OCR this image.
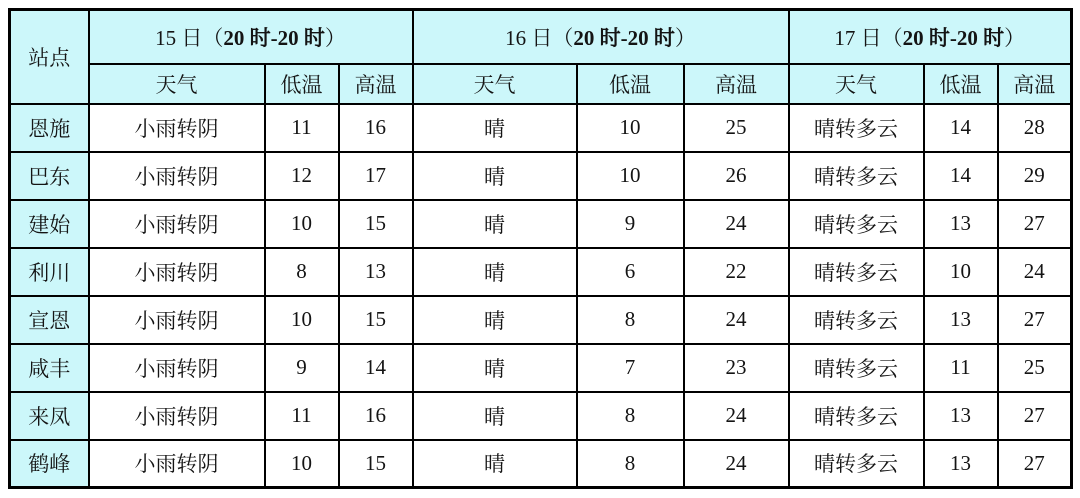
站点	15 日（20 时-20 时）			16 日（20 时-20 时）			17 日（20 时-20 时）		
	天气	低温	高温	天气	低温	高温	天气	低温	高温
恩施	小雨转阴	11	16	晴	10	25	晴转多云	14	28
巴东	小雨转阴	12	17	晴	10	26	晴转多云	14	29
建始	小雨转阴	10	15	晴	9	24	晴转多云	13	27
利川	小雨转阴	8	13	晴	6	22	晴转多云	10	24
宣恩	小雨转阴	10	15	晴	8	24	晴转多云	13	27
咸丰	小雨转阴	9	14	晴	7	23	晴转多云	11	25
来凤	小雨转阴	11	16	晴	8	24	晴转多云	13	27
鹤峰	小雨转阴	10	15	晴	8	24	晴转多云	13	27
